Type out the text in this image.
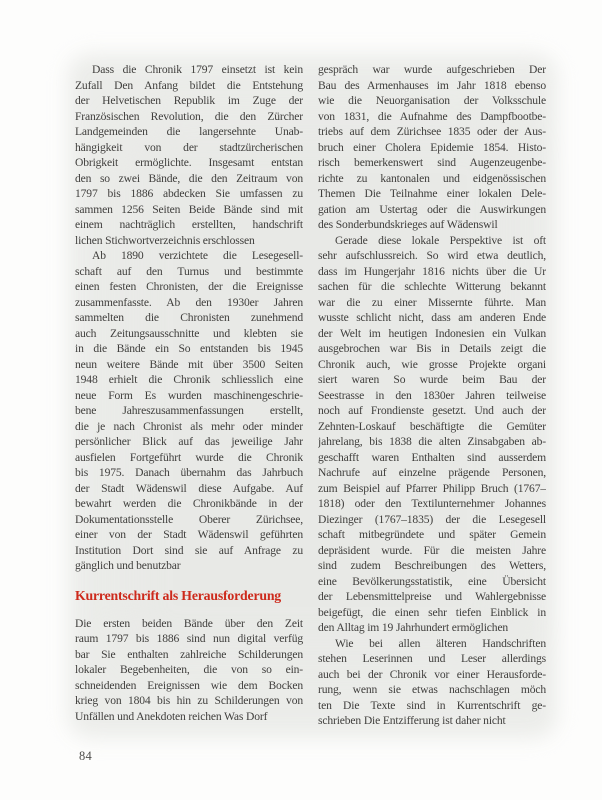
Dass die Chronik 1797 einsetzt ist kein
Zufall Den Anfang bildet die Entstehung
der Helvetischen Republik im Zuge der
Französischen Revolution, die den Zürcher
Landgemeinden die langersehnte Unab-
hängigkeit von der stadtzürcherischen
Obrigkeit ermöglichte. Insgesamt entstan
den so zwei Bände, die den Zeitraum von
1797 bis 1886 abdecken Sie umfassen zu
sammen 1256 Seiten Beide Bände sind mit
einem nachträglich erstellten, handschrift
lichen Stichwortverzeichnis erschlossen
Ab 1890 verzichtete die Lesegesell-
schaft auf den Turnus und bestimmte
einen festen Chronisten, der die Ereignisse
zusammenfasste. Ab den 1930er Jahren
sammelten die Chronisten zunehmend
auch Zeitungsausschnitte und klebten sie
in die Bände ein So entstanden bis 1945
neun weitere Bände mit über 3500 Seiten
1948 erhielt die Chronik schliesslich eine
neue Form Es wurden maschinengeschrie-
bene Jahreszusammenfassungen erstellt,
die je nach Chronist als mehr oder minder
persönlicher Blick auf das jeweilige Jahr
ausfielen Fortgeführt wurde die Chronik
bis 1975. Danach übernahm das Jahrbuch
der Stadt Wädenswil diese Aufgabe. Auf
bewahrt werden die Chronikbände in der
Dokumentationsstelle Oberer Zürichsee,
einer von der Stadt Wädenswil geführten
Institution Dort sind sie auf Anfrage zu
gänglich und benutzbar
Kurrentschrift als Herausforderung
Die ersten beiden Bände über den Zeit
raum 1797 bis 1886 sind nun digital verfüg
bar Sie enthalten zahlreiche Schilderungen
lokaler Begebenheiten, die von so ein-
schneidenden Ereignissen wie dem Bocken
krieg von 1804 bis hin zu Schilderungen von
Unfällen und Anekdoten reichen Was Dorf
gespräch war wurde aufgeschrieben Der
Bau des Armenhauses im Jahr 1818 ebenso
wie die Neuorganisation der Volksschule
von 1831, die Aufnahme des Dampfbootbe-
triebs auf dem Zürichsee 1835 oder der Aus-
bruch einer Cholera Epidemie 1854. Histo-
risch bemerkenswert sind Augenzeugenbe-
richte zu kantonalen und eidgenössischen
Themen Die Teilnahme einer lokalen Dele-
gation am Ustertag oder die Auswirkungen
des Sonderbundskrieges auf Wädenswil
Gerade diese lokale Perspektive ist oft
sehr aufschlussreich. So wird etwa deutlich,
dass im Hungerjahr 1816 nichts über die Ur
sachen für die schlechte Witterung bekannt
war die zu einer Missernte führte. Man
wusste schlicht nicht, dass am anderen Ende
der Welt im heutigen Indonesien ein Vulkan
ausgebrochen war Bis in Details zeigt die
Chronik auch, wie grosse Projekte organi
siert waren So wurde beim Bau der
Seestrasse in den 1830er Jahren teilweise
noch auf Frondienste gesetzt. Und auch der
Zehnten-Loskauf beschäftigte die Gemüter
jahrelang, bis 1838 die alten Zinsabgaben ab-
geschafft waren Enthalten sind ausserdem
Nachrufe auf einzelne prägende Personen,
zum Beispiel auf Pfarrer Philipp Bruch (1767–
1818) oder den Textilunternehmer Johannes
Diezinger (1767–1835) der die Lesegesell
schaft mitbegründete und später Gemein
depräsident wurde. Für die meisten Jahre
sind zudem Beschreibungen des Wetters,
eine Bevölkerungsstatistik, eine Übersicht
der Lebensmittelpreise und Wahlergebnisse
beigefügt, die einen sehr tiefen Einblick in
den Alltag im 19 Jahrhundert ermöglichen
Wie bei allen älteren Handschriften
stehen Leserinnen und Leser allerdings
auch bei der Chronik vor einer Herausforde-
rung, wenn sie etwas nachschlagen möch
ten Die Texte sind in Kurrentschrift ge-
schrieben Die Entzifferung ist daher nicht
84
